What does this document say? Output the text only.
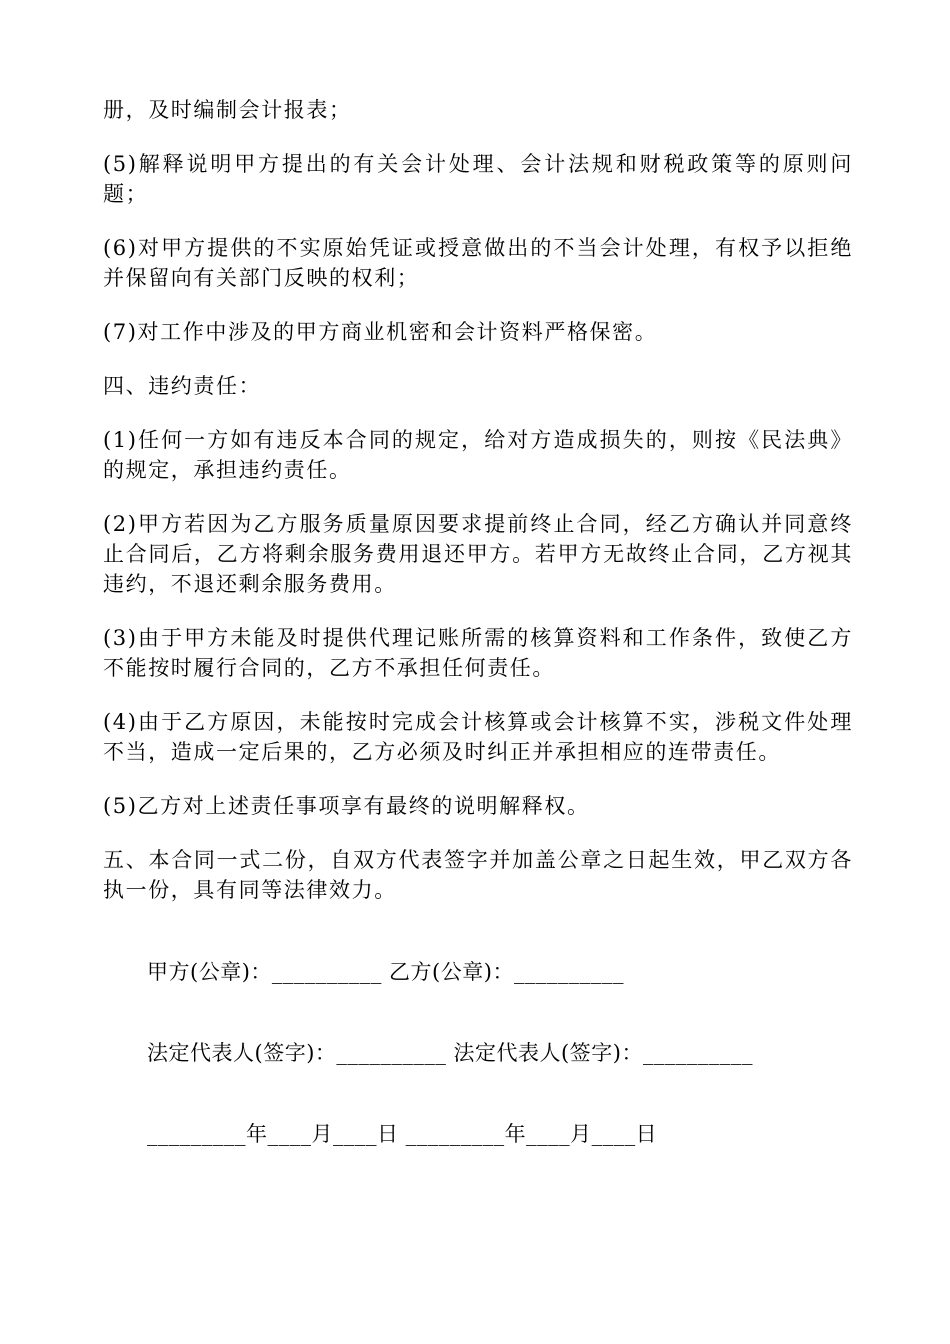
册，及时编制会计报表；

(5)解释说明甲方提出的有关会计处理、会计法规和财税政策等的原则问题；

(6)对甲方提供的不实原始凭证或授意做出的不当会计处理，有权予以拒绝并保留向有关部门反映的权利；

(7)对工作中涉及的甲方商业机密和会计资料严格保密。

四、违约责任：

(1)任何一方如有违反本合同的规定，给对方造成损失的，则按《民法典》的规定，承担违约责任。

(2)甲方若因为乙方服务质量原因要求提前终止合同，经乙方确认并同意终止合同后，乙方将剩余服务费用退还甲方。若甲方无故终止合同，乙方视其违约，不退还剩余服务费用。

(3)由于甲方未能及时提供代理记账所需的核算资料和工作条件，致使乙方不能按时履行合同的，乙方不承担任何责任。

(4)由于乙方原因，未能按时完成会计核算或会计核算不实，涉税文件处理不当，造成一定后果的，乙方必须及时纠正并承担相应的连带责任。

(5)乙方对上述责任事项享有最终的说明解释权。

五、本合同一式二份，自双方代表签字并加盖公章之日起生效，甲乙双方各执一份，具有同等法律效力。

甲方(公章)：__________ 乙方(公章)：__________

法定代表人(签字)：__________ 法定代表人(签字)：__________

_________年____月____日 _________年____月____日
